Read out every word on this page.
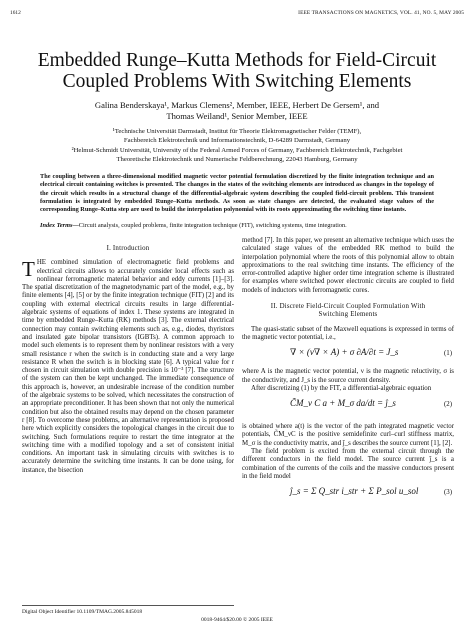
1612	IEEE TRANSACTIONS ON MAGNETICS, VOL. 41, NO. 5, MAY 2005
Embedded Runge–Kutta Methods for Field-Circuit
Coupled Problems With Switching Elements
Galina Benderskaya¹, Markus Clemens², Member, IEEE, Herbert De Gersem¹, and
Thomas Weiland¹, Senior Member, IEEE
¹Technische Universität Darmstadt, Institut für Theorie Elektromagnetischer Felder (TEMF),
Fachbereich Elektrotechnik und Informationstechnik, D-64289 Darmstadt, Germany
²Helmut-Schmidt Universität, University of the Federal Armed Forces of Germany, Fachbereich Elektrotechnik, Fachgebiet
Theoretische Elektrotechnik und Numerische Feldberechnung, 22043 Hamburg, Germany
The coupling between a three-dimensional modified magnetic vector potential formulation discretized by the finite integration technique and an electrical circuit containing switches is presented. The changes in the states of the switching elements are introduced as changes in the topology of the circuit which results in a structural change of the differential-algebraic system describing the coupled field-circuit problem. This transient formulation is integrated by embedded Runge–Kutta methods. As soon as state changes are detected, the evaluated stage values of the corresponding Runge–Kutta step are used to build the interpolation polynomial with its roots approximating the switching time instants.
Index Terms—Circuit analysis, coupled problems, finite integration technique (FIT), switching systems, time integration.
I. Introduction

THE combined simulation of electromagnetic field problems and electrical circuits allows to accurately consider local effects such as nonlinear ferromagnetic material behavior and eddy currents [1]–[3]. The spatial discretization of the magnetodynamic part of the model, e.g., by finite elements [4], [5] or by the finite integration technique (FIT) [2] and its coupling with external electrical circuits results in large differential-algebraic systems of equations of index 1. These systems are integrated in time by embedded Runge–Kutta (RK) methods [3]. The external electrical connection may contain switching elements such as, e.g., diodes, thyristors and insulated gate bipolar transistors (IGBTs). A common approach to model such elements is to represent them by nonlinear resistors with a very small resistance r when the switch is in conducting state and a very large resistance R when the switch is in blocking state [6]. A typical value for r chosen in circuit simulation with double precision is 10⁻³ [7]. The structure of the system can then be kept unchanged. The immediate consequence of this approach is, however, an undesirable increase of the condition number of the algebraic systems to be solved, which necessitates the construction of an appropriate preconditioner. It has been shown that not only the numerical condition but also the obtained results may depend on the chosen parameter r [8]. To overcome these problems, an alternative representation is proposed here which explicitly considers the topological changes in the circuit due to switching. Such formulations require to restart the time integrator at the switching time with a modified topology and a set of consistent initial conditions. An important task in simulating circuits with switches is to accurately determine the switching time instants. It can be done using, for instance, the bisection

method [7]. In this paper, we present an alternative technique which uses the calculated stage values of the embedded RK method to build the interpolation polynomial where the roots of this polynomial allow to obtain approximations to the real switching time instants. The efficiency of the error-controlled adaptive higher order time integration scheme is illustrated for examples where switched power electronic circuits are coupled to field models of inductors with ferromagnetic cores.

II. Discrete Field-Circuit Coupled Formulation With
Switching Elements

The quasi-static subset of the Maxwell equations is expressed in terms of the magnetic vector potential, i.e.,

∇ × (ν∇ × A) + σ ∂A/∂t = J_s	(1)

where A is the magnetic vector potential, ν is the magnetic reluctivity, σ is the conductivity, and J_s is the source current density.

After discretizing (1) by the FIT, a differential-algebraic equation

C̃M_ν C a + M_σ da/dt = ĵ_s	(2)

is obtained where a(t) is the vector of the path integrated magnetic vector potentials, C̃M_νC is the positive semidefinite curl–curl stiffness matrix, M_σ is the conductivity matrix, and ĵ_s describes the source current [1], [2].

The field problem is excited from the external circuit through the different conductors in the field model. The source current ĵ_s is a combination of the currents of the coils and the massive conductors present in the field model

ĵ_s = Σ Q_str i_str + Σ P_sol u_sol	(3)
Digital Object Identifier 10.1109/TMAG.2005.845018
0018-9464/$20.00 © 2005 IEEE
